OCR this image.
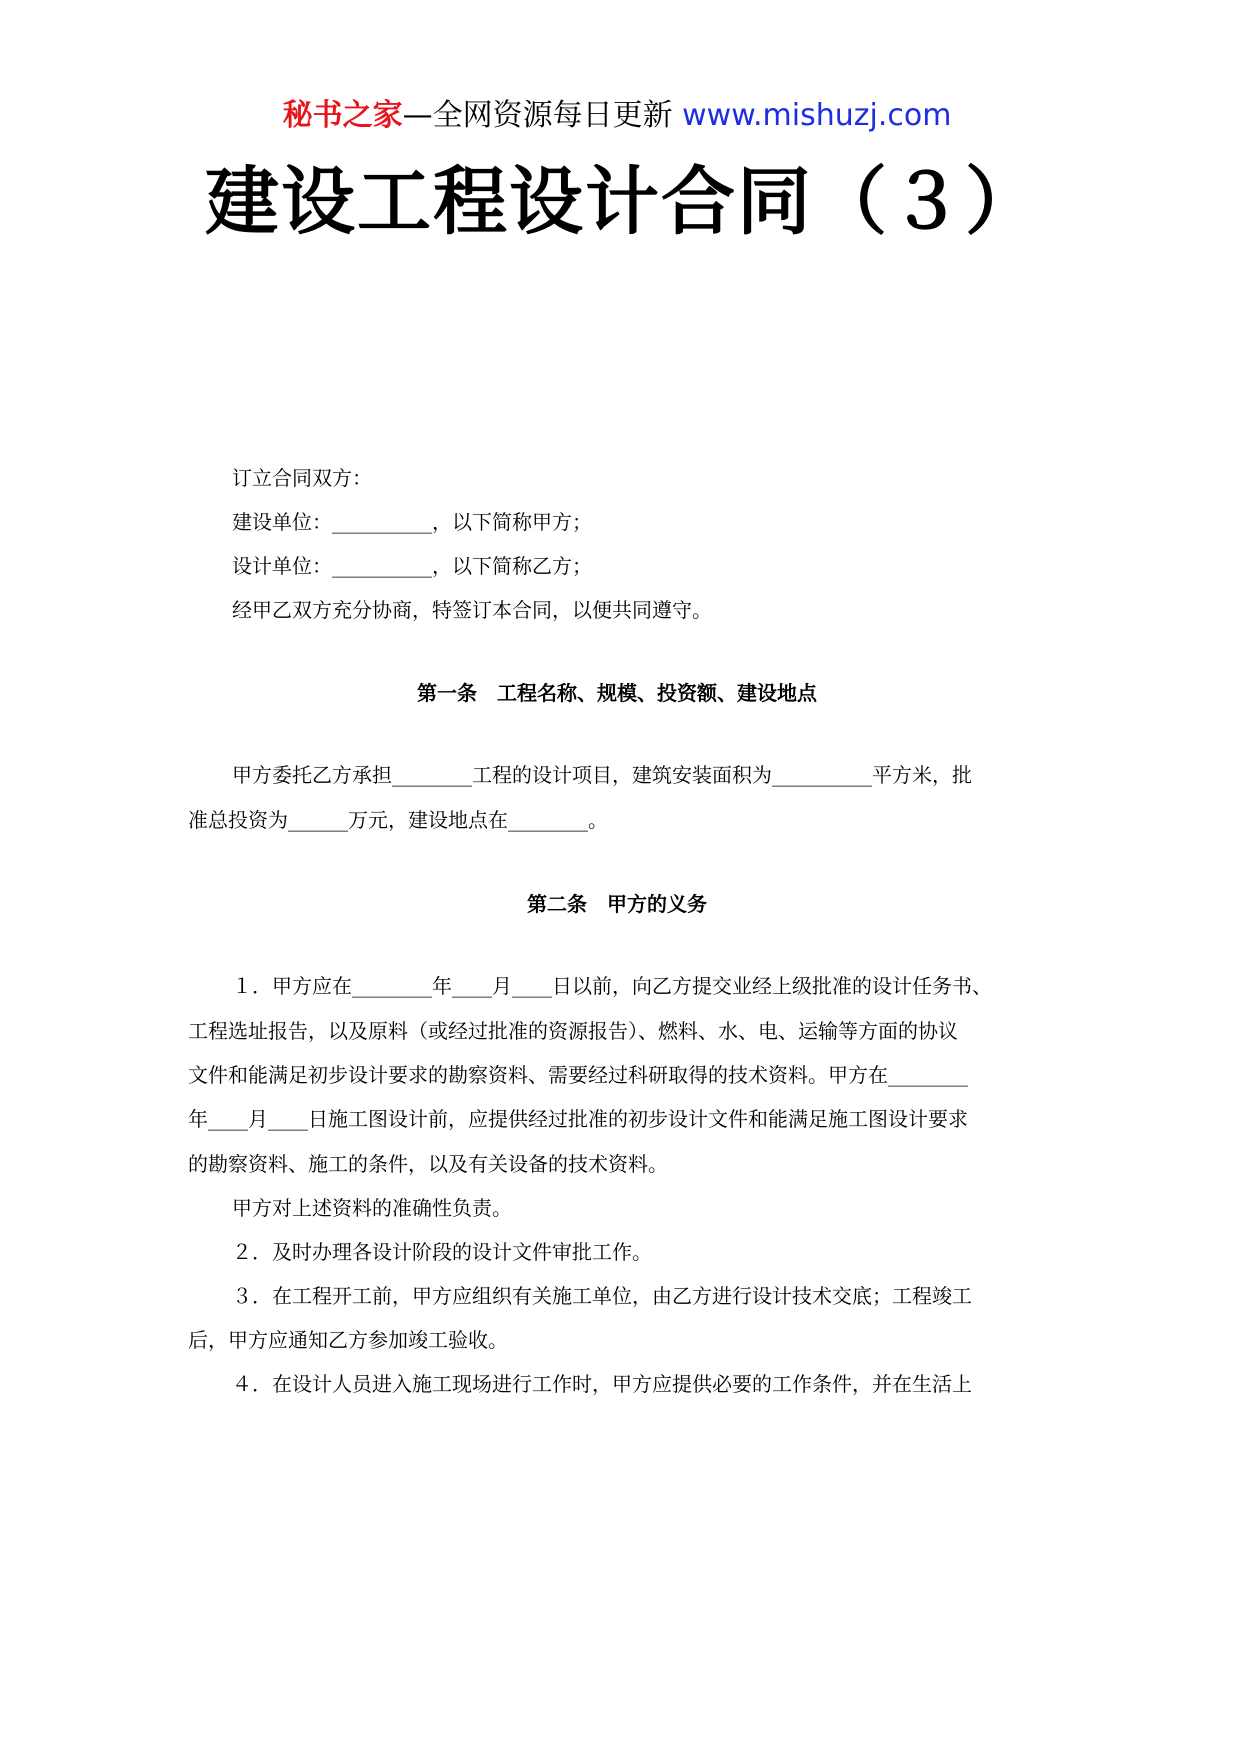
秘书之家—全网资源每日更新 www.mishuzj.com
建设工程设计合同（３）
订立合同双方：
建设单位：__________，以下简称甲方；
设计单位：__________，以下简称乙方；
经甲乙双方充分协商，特签订本合同，以便共同遵守。
第一条　工程名称、规模、投资额、建设地点
甲方委托乙方承担________工程的设计项目，建筑安装面积为__________平方米，批
准总投资为______万元，建设地点在________。
第二条　甲方的义务
１．甲方应在________年____月____日以前，向乙方提交业经上级批准的设计任务书、
工程选址报告，以及原料（或经过批准的资源报告）、燃料、水、电、运输等方面的协议
文件和能满足初步设计要求的勘察资料、需要经过科研取得的技术资料。甲方在________
年____月____日施工图设计前，应提供经过批准的初步设计文件和能满足施工图设计要求
的勘察资料、施工的条件，以及有关设备的技术资料。
甲方对上述资料的准确性负责。
２．及时办理各设计阶段的设计文件审批工作。
３．在工程开工前，甲方应组织有关施工单位，由乙方进行设计技术交底；工程竣工
后，甲方应通知乙方参加竣工验收。
４．在设计人员进入施工现场进行工作时，甲方应提供必要的工作条件，并在生活上
